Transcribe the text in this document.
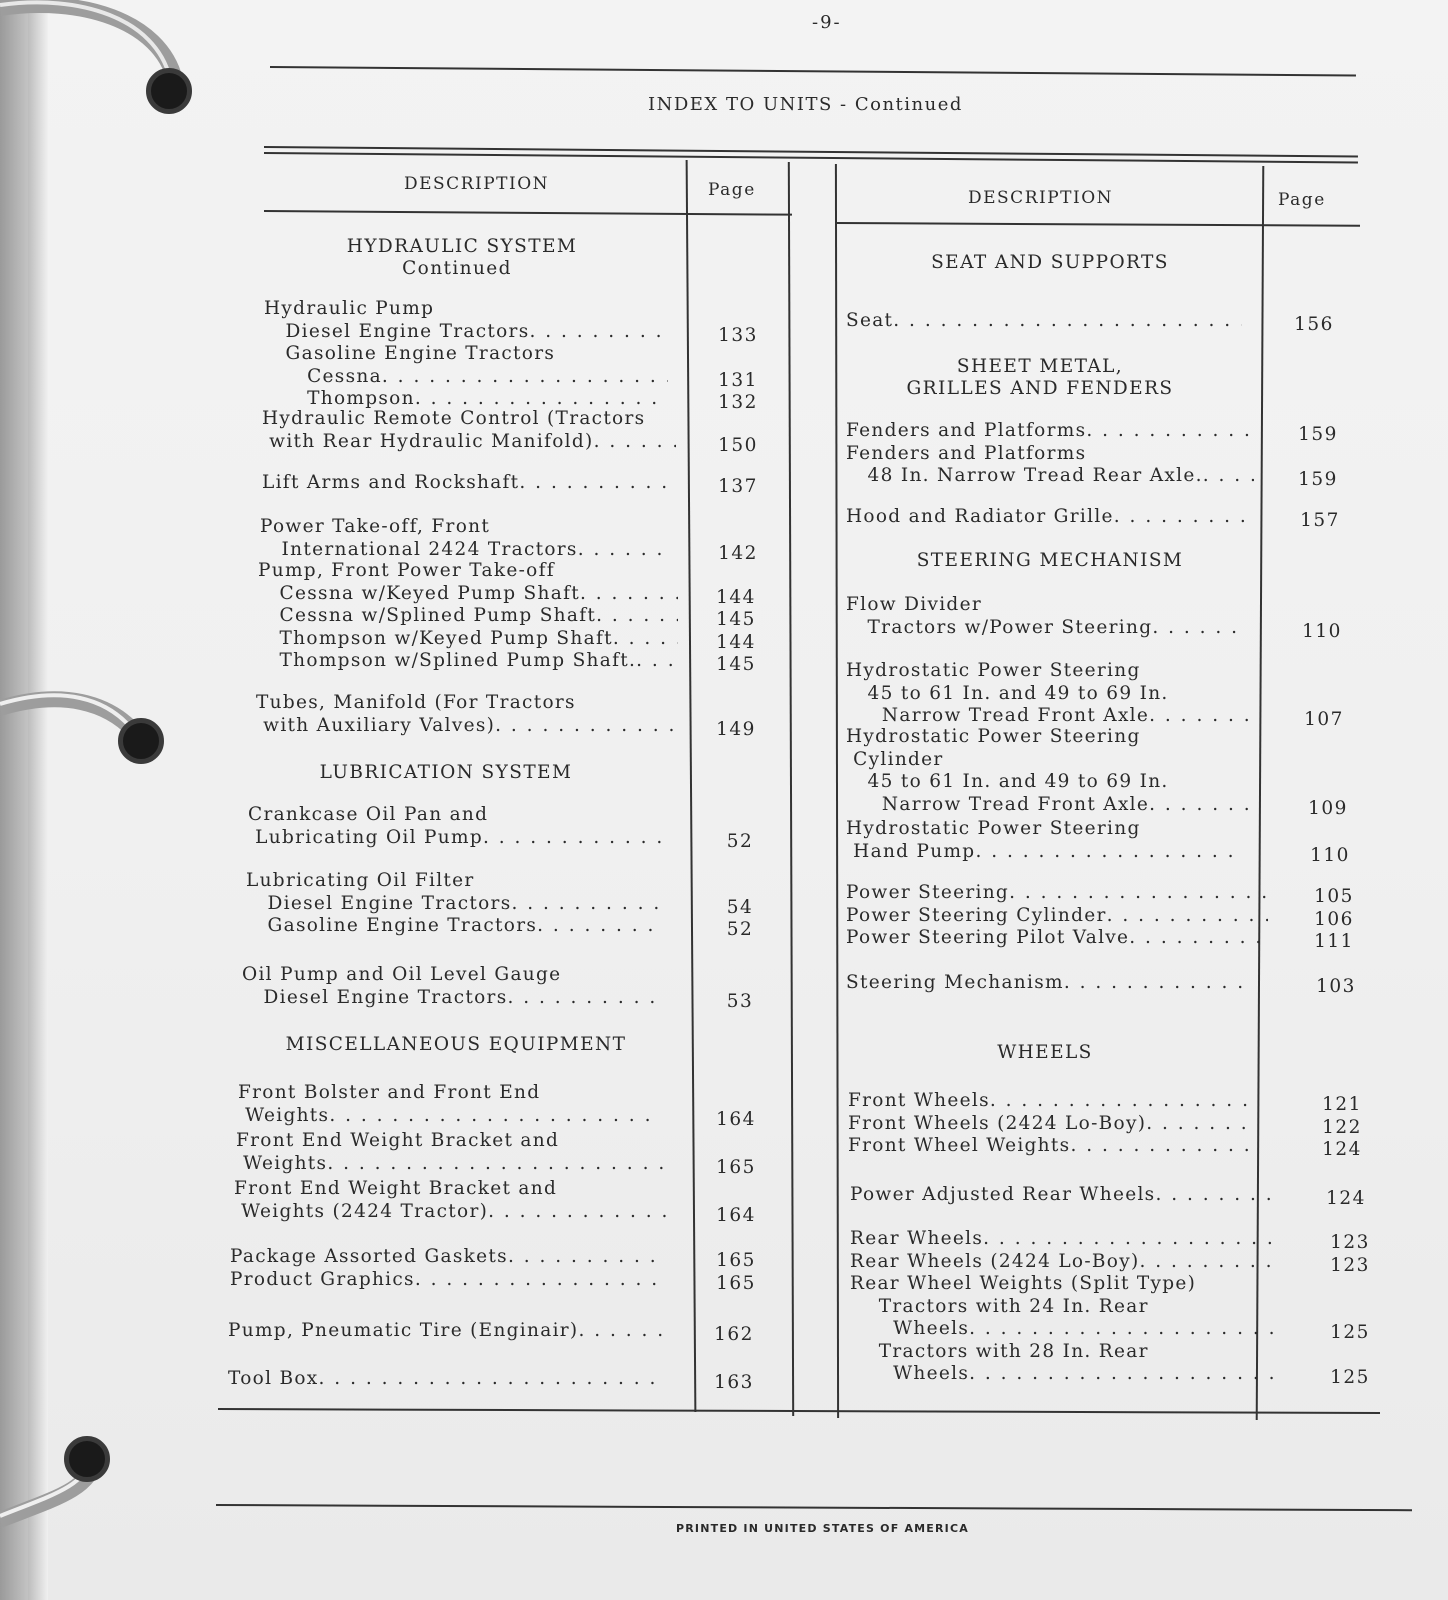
-9-
INDEX TO UNITS - Continued
DESCRIPTION	Page	DESCRIPTION	Page
HYDRAULIC SYSTEM
Continued
LUBRICATION SYSTEM
MISCELLANEOUS EQUIPMENT
Hydraulic Pump
Diesel Engine Tractors . . .	133
Gasoline Engine Tractors
Cessna . . .	131
Thompson . . .	132
Hydraulic Remote Control (Tractors
with Rear Hydraulic Manifold) . . .	150
Lift Arms and Rockshaft . . .	137
Power Take-off, Front
International 2424 Tractors . . .	142
Pump, Front Power Take-off
Cessna w/Keyed Pump Shaft . . .	144
Cessna w/Splined Pump Shaft . . .	145
Thompson w/Keyed Pump Shaft . . .	144
Thompson w/Splined Pump Shaft. . . .	145
Tubes, Manifold (For Tractors
with Auxiliary Valves) . . .	149
Crankcase Oil Pan and
Lubricating Oil Pump . . .	52
Lubricating Oil Filter
Diesel Engine Tractors . . .	54
Gasoline Engine Tractors . . .	52
Oil Pump and Oil Level Gauge
Diesel Engine Tractors . . .	53
Front Bolster and Front End
Weights . . .	164
Front End Weight Bracket and
Weights . . .	165
Front End Weight Bracket and
Weights (2424 Tractor) . . .	164
Package Assorted Gaskets . . .	165
Product Graphics . . .	165
Pump, Pneumatic Tire (Enginair) . . .	162
Tool Box . . .	163
SEAT AND SUPPORTS
SHEET METAL,
GRILLES AND FENDERS
STEERING MECHANISM
WHEELS
Seat . . .	156
Fenders and Platforms . . .	159
Fenders and Platforms
48 In. Narrow Tread Rear Axle. . . .	159
Hood and Radiator Grille . . .	157
Flow Divider
Tractors w/Power Steering . . .	110
Hydrostatic Power Steering
45 to 61 In. and 49 to 69 In.
Narrow Tread Front Axle . . .	107
Hydrostatic Power Steering
Cylinder
45 to 61 In. and 49 to 69 In.
Narrow Tread Front Axle . . .	109
Hydrostatic Power Steering
Hand Pump . . .	110
Power Steering . . .	105
Power Steering Cylinder . . .	106
Power Steering Pilot Valve . . .	111
Steering Mechanism . . .	103
Front Wheels . . .	121
Front Wheels (2424 Lo-Boy) . . .	122
Front Wheel Weights . . .	124
Power Adjusted Rear Wheels . . .	124
Rear Wheels . . .	123
Rear Wheels (2424 Lo-Boy) . . .	123
Rear Wheel Weights (Split Type)
Tractors with 24 In. Rear
Wheels . . .	125
Tractors with 28 In. Rear
Wheels . . .	125
PRINTED IN UNITED STATES OF AMERICA
